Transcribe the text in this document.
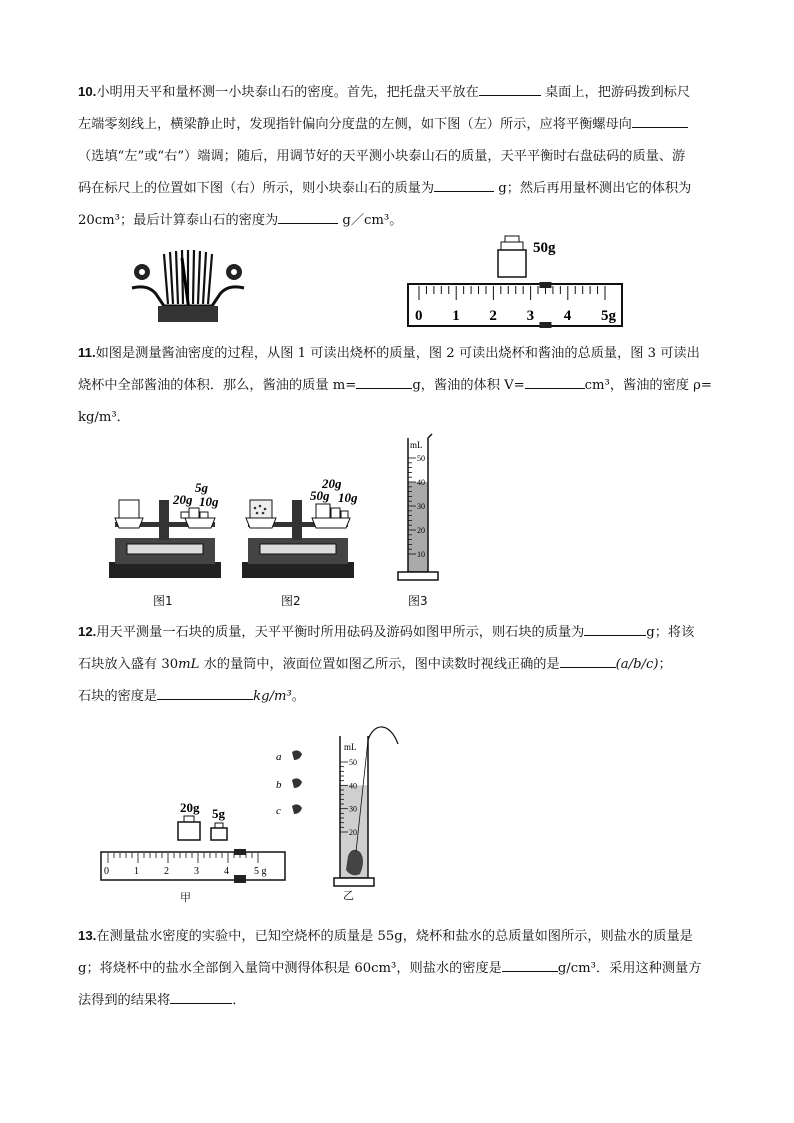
10.小明用天平和量杯测一小块泰山石的密度。首先，把托盘天平放在	桌面上，把游码拨到标尺
左端零刻线上，横梁静止时，发现指针偏向分度盘的左侧，如下图（左）所示，应将平衡螺母向
（选填“左”或“右”）端调；随后，用调节好的天平测小块泰山石的质量，天平平衡时右盘砝码的质量、游
码在标尺上的位置如下图（右）所示，则小块泰山石的质量为	g；然后再用量杯测出它的体积为
20cm³；最后计算泰山石的密度为	g／cm³。
50g
0 1 2 3 4 5g
11.如图是测量酱油密度的过程，从图 1 可读出烧杯的质量，图 2 可读出烧杯和酱油的总质量，图 3 可读出
烧杯中全部酱油的体积．那么，酱油的质量 m=	g，酱油的体积 V=	cm³，酱油的密度 ρ=
kg/m³．
5g
20g 10g
图1
20g
50g 10g
图2
mL
50
40
30
20
10
图3
12.用天平测量一石块的质量，天平平衡时所用砝码及游码如图甲所示，则石块的质量为	g；将该
石块放入盛有 30mL 水的量筒中，液面位置如图乙所示，图中读数时视线正确的是	(a/b/c)；
石块的密度是	kg/m³。
20g 5g
0	1	2	3	4	5 g
甲
a
b
c
mL
50
40
30
20
乙
13.在测量盐水密度的实验中，已知空烧杯的质量是 55g，烧杯和盐水的总质量如图所示，则盐水的质量是
g；将烧杯中的盐水全部倒入量筒中测得体积是 60cm³，则盐水的密度是	g/cm³．采用这种测量方
法得到的结果将	．
